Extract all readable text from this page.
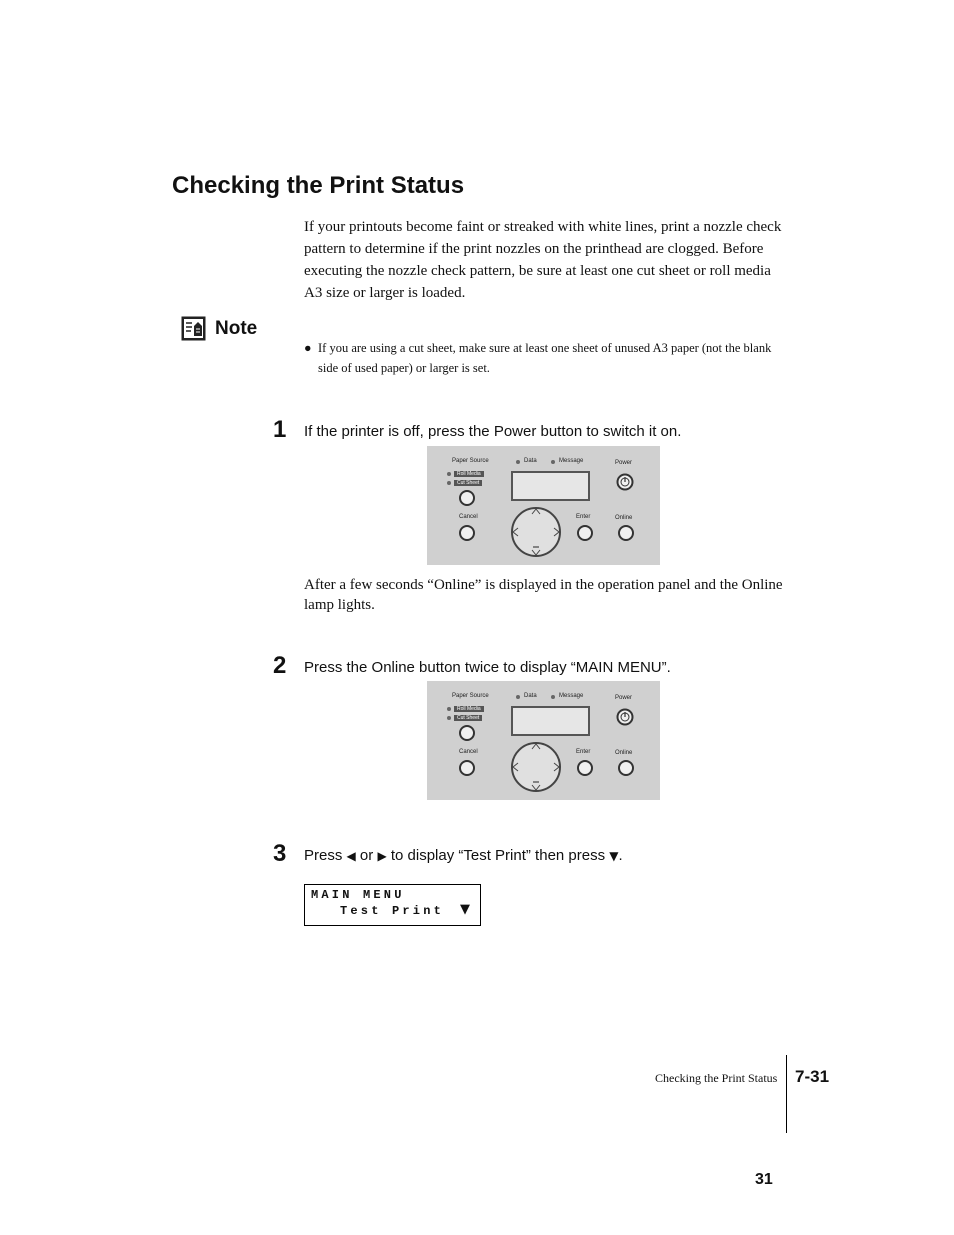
Checking the Print Status

If your printouts become faint or streaked with white lines, print a nozzle check pattern to determine if the print nozzles on the printhead are clogged. Before executing the nozzle check pattern, be sure at least one cut sheet or roll media A3 size or larger is loaded.

Note

● If you are using a cut sheet, make sure at least one sheet of unused A3 paper (not the blank side of used paper) or larger is set.

1 If the printer is off, press the Power button to switch it on.
Paper Source
Roll Media
Cut Sheet
Data	Message	Power
Cancel	Enter	Online

After a few seconds “Online” is displayed in the operation panel and the Online lamp lights.

2 Press the Online button twice to display “MAIN MENU”.
Paper Source
Roll Media
Cut Sheet
Data	Message	Power
Cancel	Enter	Online
3 Press ◀ or ▶ to display “Test Print” then press ▼.
MAIN MENU
Test Print ▼
Checking the Print Status 7-31
31
